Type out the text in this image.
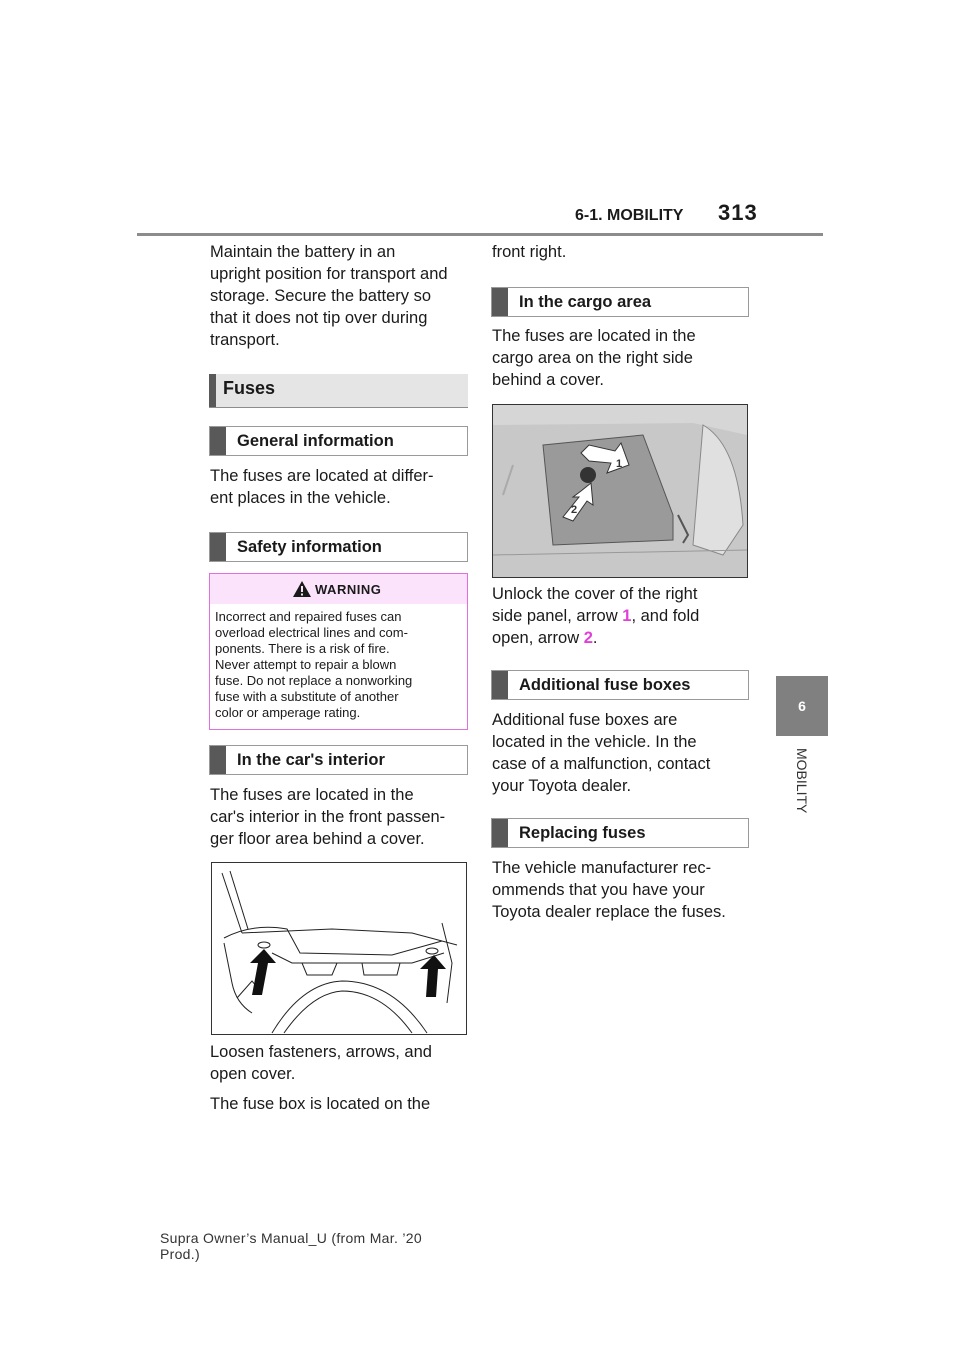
6-1. MOBILITY 313
6
MOBILITY
Maintain the battery in an
upright position for transport and
storage. Secure the battery so
that it does not tip over during
transport.
Fuses
General information
The fuses are located at differ-
ent places in the vehicle.
Safety information
WARNING
Incorrect and repaired fuses can
overload electrical lines and com-
ponents. There is a risk of fire.
Never attempt to repair a blown
fuse. Do not replace a nonworking
fuse with a substitute of another
color or amperage rating.
In the car's interior
The fuses are located in the
car's interior in the front passen-
ger floor area behind a cover.
Loosen fasteners, arrows, and
open cover.
The fuse box is located on the
front right.
In the cargo area
The fuses are located in the
cargo area on the right side
behind a cover.
1
2
Unlock the cover of the right
side panel, arrow 1, and fold
open, arrow 2.
Additional fuse boxes
Additional fuse boxes are
located in the vehicle. In the
case of a malfunction, contact
your Toyota dealer.
Replacing fuses
The vehicle manufacturer rec-
ommends that you have your
Toyota dealer replace the fuses.
Supra Owner’s Manual_U (from Mar. ’20
Prod.)
